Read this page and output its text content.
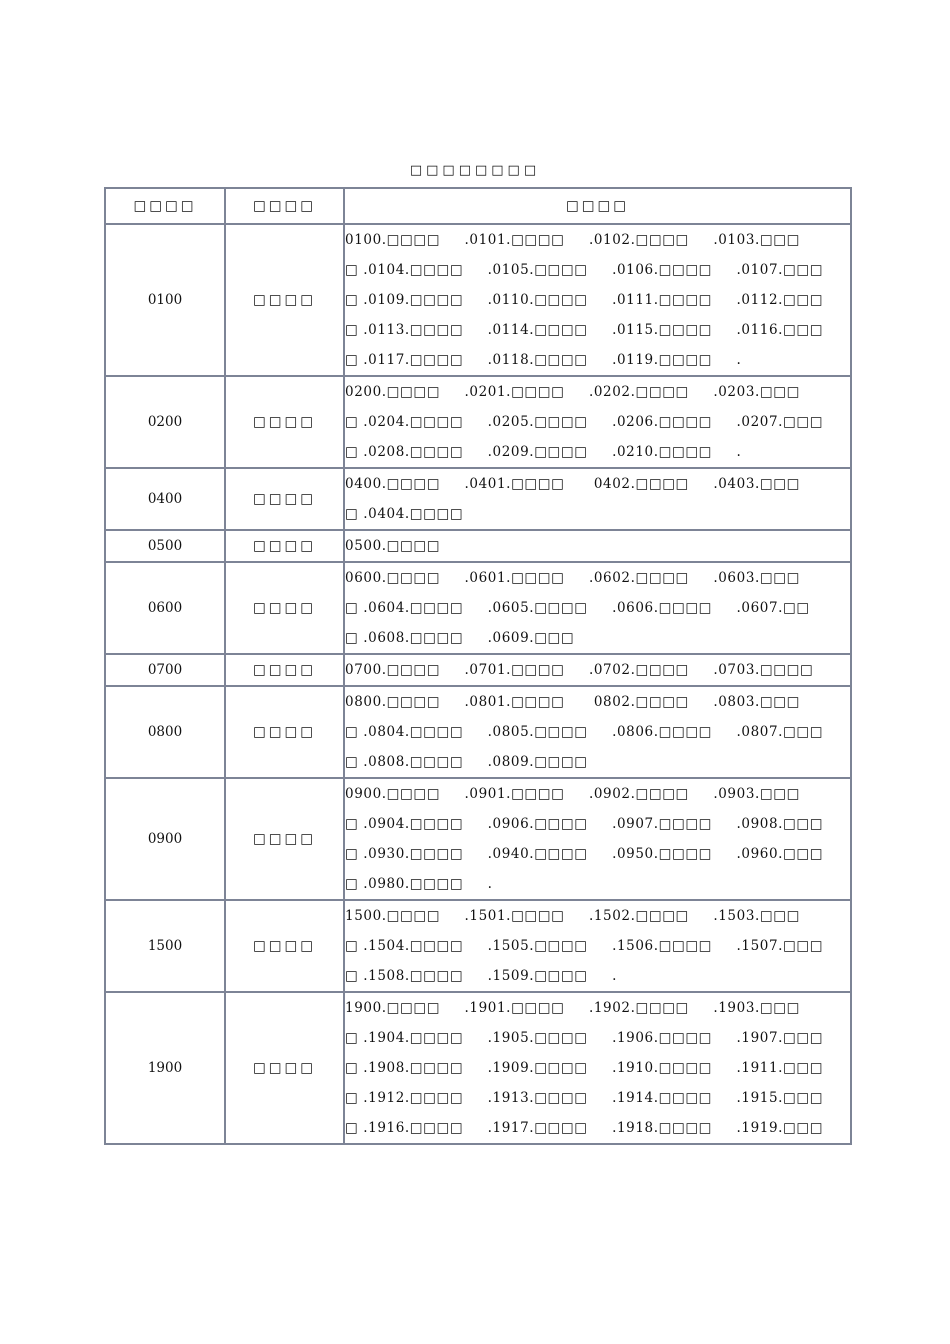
□□□□□□□□
□□□□	□□□□	□□□□
0100	□□□□	0100.□□□□     .0101.□□□□     .0102.□□□□     .0103.□□□
□ .0104.□□□□     .0105.□□□□     .0106.□□□□     .0107.□□□
□ .0109.□□□□     .0110.□□□□     .0111.□□□□     .0112.□□□
□ .0113.□□□□     .0114.□□□□     .0115.□□□□     .0116.□□□
□ .0117.□□□□     .0118.□□□□     .0119.□□□□     .

0200	□□□□	0200.□□□□     .0201.□□□□     .0202.□□□□     .0203.□□□
□ .0204.□□□□     .0205.□□□□     .0206.□□□□     .0207.□□□
□ .0208.□□□□     .0209.□□□□     .0210.□□□□     .

0400	□□□□	0400.□□□□     .0401.□□□□      0402.□□□□     .0403.□□□
□ .0404.□□□□

0500	□□□□	0500.□□□□

0600	□□□□	0600.□□□□     .0601.□□□□     .0602.□□□□     .0603.□□□
□ .0604.□□□□     .0605.□□□□     .0606.□□□□     .0607.□□
□ .0608.□□□□     .0609.□□□

0700	□□□□	0700.□□□□     .0701.□□□□     .0702.□□□□     .0703.□□□□

0800	□□□□	0800.□□□□     .0801.□□□□      0802.□□□□     .0803.□□□
□ .0804.□□□□     .0805.□□□□     .0806.□□□□     .0807.□□□
□ .0808.□□□□     .0809.□□□□

0900	□□□□	0900.□□□□     .0901.□□□□     .0902.□□□□     .0903.□□□
□ .0904.□□□□     .0906.□□□□     .0907.□□□□     .0908.□□□
□ .0930.□□□□     .0940.□□□□     .0950.□□□□     .0960.□□□
□ .0980.□□□□     .

1500	□□□□	1500.□□□□     .1501.□□□□     .1502.□□□□     .1503.□□□
□ .1504.□□□□     .1505.□□□□     .1506.□□□□     .1507.□□□
□ .1508.□□□□     .1509.□□□□     .

1900	□□□□	1900.□□□□     .1901.□□□□     .1902.□□□□     .1903.□□□
□ .1904.□□□□     .1905.□□□□     .1906.□□□□     .1907.□□□
□ .1908.□□□□     .1909.□□□□     .1910.□□□□     .1911.□□□
□ .1912.□□□□     .1913.□□□□     .1914.□□□□     .1915.□□□
□ .1916.□□□□     .1917.□□□□     .1918.□□□□     .1919.□□□
